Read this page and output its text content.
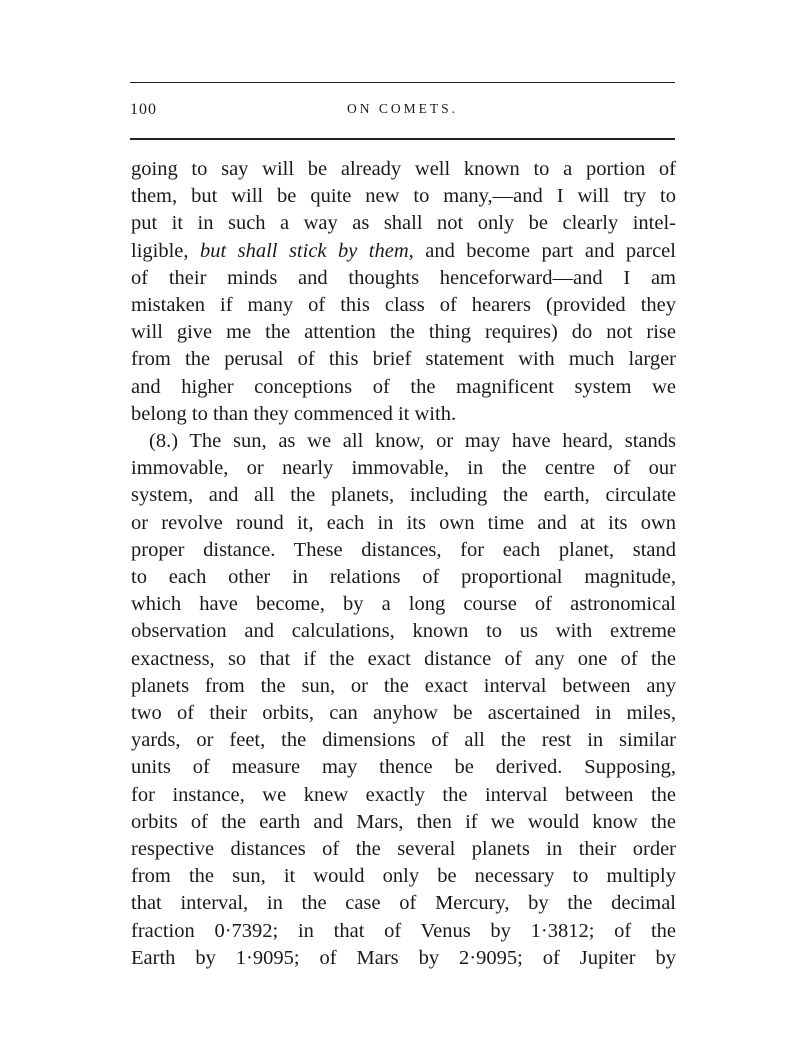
100	ON COMETS.
going to say will be already well known to a portion of
them, but will be quite new to many,—and I will try to
put it in such a way as shall not only be clearly intel-
ligible, but shall stick by them, and become part and parcel
of their minds and thoughts henceforward—and I am
mistaken if many of this class of hearers (provided they
will give me the attention the thing requires) do not rise
from the perusal of this brief statement with much larger
and higher conceptions of the magnificent system we
belong to than they commenced it with.
(8.) The sun, as we all know, or may have heard, stands
immovable, or nearly immovable, in the centre of our
system, and all the planets, including the earth, circulate
or revolve round it, each in its own time and at its own
proper distance. These distances, for each planet, stand
to each other in relations of proportional magnitude,
which have become, by a long course of astronomical
observation and calculations, known to us with extreme
exactness, so that if the exact distance of any one of the
planets from the sun, or the exact interval between any
two of their orbits, can anyhow be ascertained in miles,
yards, or feet, the dimensions of all the rest in similar
units of measure may thence be derived. Supposing,
for instance, we knew exactly the interval between the
orbits of the earth and Mars, then if we would know the
respective distances of the several planets in their order
from the sun, it would only be necessary to multiply
that interval, in the case of Mercury, by the decimal
fraction 0·7392; in that of Venus by 1·3812; of the
Earth by 1·9095; of Mars by 2·9095; of Jupiter by
